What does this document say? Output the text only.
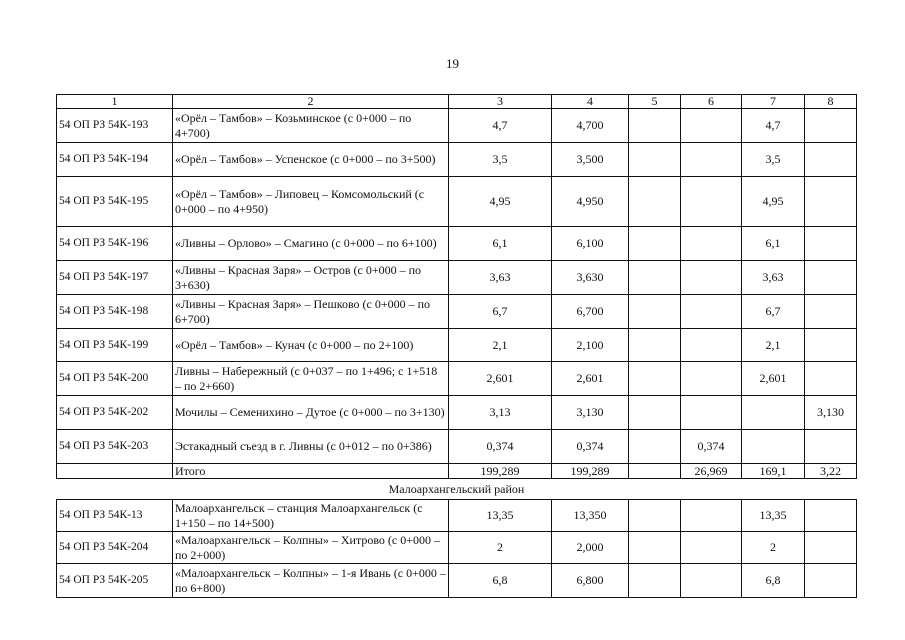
19
1	2	3	4	5	6	7	8
54 ОП РЗ 54К-193	«Орёл – Тамбов» – Козьминское (с 0+000 – по 4+700)	4,7	4,700			4,7	
54 ОП РЗ 54К-194	«Орёл – Тамбов» – Успенское (с 0+000 – по 3+500)	3,5	3,500			3,5	
54 ОП РЗ 54К-195	«Орёл – Тамбов» – Липовец – Комсомольский (с 0+000 – по 4+950)	4,95	4,950			4,95	
54 ОП РЗ 54К-196	«Ливны – Орлово» – Смагино (с 0+000 – по 6+100)	6,1	6,100			6,1	
54 ОП РЗ 54К-197	«Ливны – Красная Заря» – Остров (с 0+000 – по 3+630)	3,63	3,630			3,63	
54 ОП РЗ 54К-198	«Ливны – Красная Заря» – Пешково (с 0+000 – по 6+700)	6,7	6,700			6,7	
54 ОП РЗ 54К-199	«Орёл – Тамбов» – Кунач (с 0+000 – по 2+100)	2,1	2,100			2,1	
54 ОП РЗ 54К-200	Ливны – Набережный (с 0+037 – по 1+496; с 1+518 – по 2+660)	2,601	2,601			2,601	
54 ОП РЗ 54К-202	Мочилы – Семенихино – Дутое (с 0+000 – по 3+130)	3,13	3,130				3,130
54 ОП РЗ 54К-203	Эстакадный съезд в г. Ливны (с 0+012 – по 0+386)	0,374	0,374		0,374		
	Итого	199,289	199,289		26,969	169,1	3,22
Малоархангельский район							
54 ОП РЗ 54К-13	Малоархангельск – станция Малоархангельск (с 1+150 – по 14+500)	13,35	13,350			13,35	
54 ОП РЗ 54К-204	«Малоархангельск – Колпны» – Хитрово (с 0+000 – по 2+000)	2	2,000			2	
54 ОП РЗ 54К-205	«Малоархангельск – Колпны» – 1-я Ивань (с 0+000 – по 6+800)	6,8	6,800			6,8	
